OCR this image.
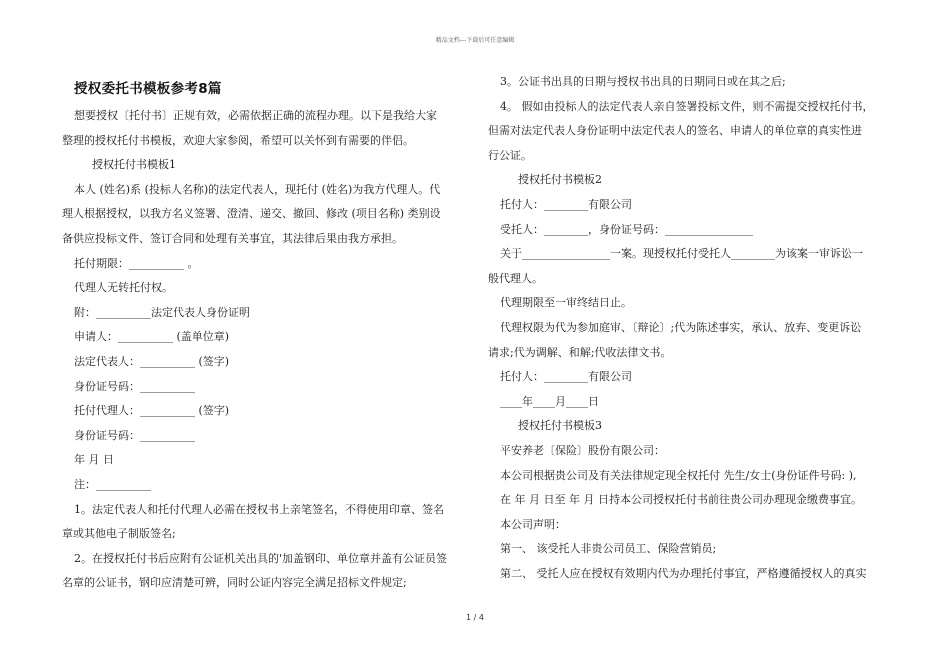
精品文档---下载后可任意编辑
授权委托书模板参考8篇

想要授权〔托付书〕正规有效，必需依据正确的流程办理。以下是我给大家

整理的授权托付书模板，欢迎大家参阅，希望可以关怀到有需要的伴侣。

授权托付书模板1

本人 (姓名)系 (投标人名称)的法定代表人，现托付 (姓名)为我方代理人。代

理人根据授权，以我方名义签署、澄清、递交、撤回、修改 (项目名称) 类别设

备供应投标文件、签订合同和处理有关事宜，其法律后果由我方承担。

托付期限：__________ 。

代理人无转托付权。

附：__________法定代表人身份证明

申请人：__________ (盖单位章)

法定代表人：__________ (签字)

身份证号码：__________

托付代理人：__________ (签字)

身份证号码：__________

年 月 日

注：__________

1。法定代表人和托付代理人必需在授权书上亲笔签名，不得使用印章、签名

章或其他电子制版签名;

2。在授权托付书后应附有公证机关出具的'加盖钢印、单位章并盖有公证员签

名章的公证书，钢印应清楚可辨，同时公证内容完全满足招标文件规定;

3。公证书出具的日期与授权书出具的日期同日或在其之后;

4。 假如由投标人的法定代表人亲自签署投标文件，则不需提交授权托付书，

但需对法定代表人身份证明中法定代表人的签名、申请人的单位章的真实性进

行公证。

授权托付书模板2

托付人：________有限公司

受托人：________，身份证号码：________________

关于________________一案。现授权托付受托人________为该案一审诉讼一

般代理人。

代理期限至一审终结日止。

代理权限为代为参加庭审、〔辩论〕;代为陈述事实，承认、放弃、变更诉讼

请求;代为调解、和解;代收法律文书。

托付人：________有限公司

____年____月____日

授权托付书模板3

平安养老〔保险〕股份有限公司：

本公司根据贵公司及有关法律规定现全权托付 先生/女士(身份证件号码: ),

在 年 月 日至 年 月 日持本公司授权托付书前往贵公司办理现金缴费事宜。

本公司声明：

第一、 该受托人非贵公司员工、保险营销员;

第二、 受托人应在授权有效期内代为办理托付事宜，严格遵循授权人的真实

1 / 4
